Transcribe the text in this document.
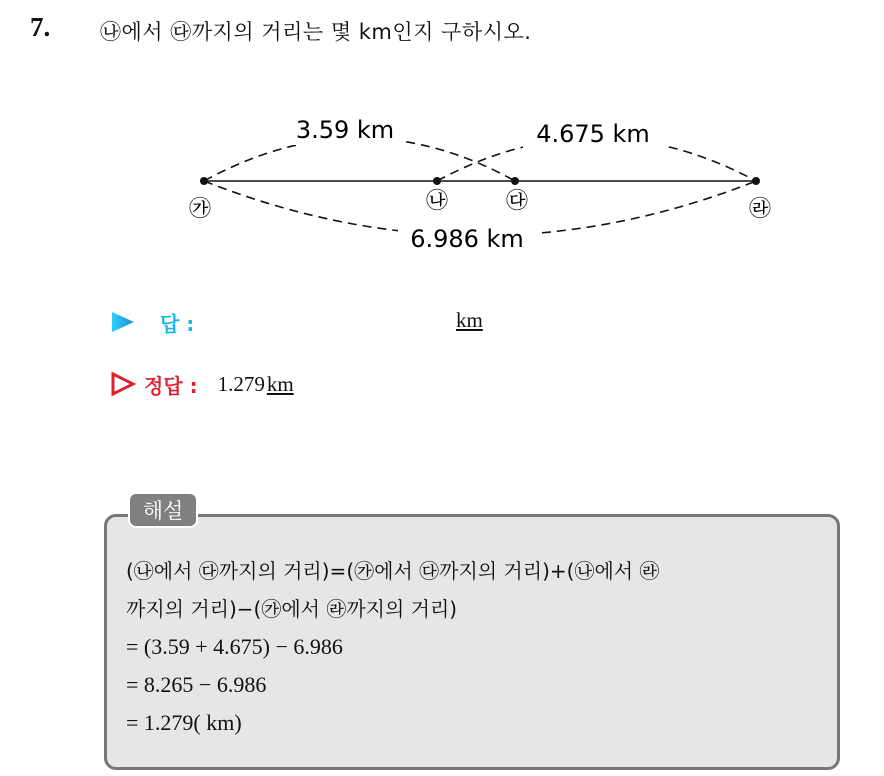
7. ㉯에서 ㉰까지의 거리는 몇 km인지 구하시오.
3.59 km	4.675 km
6.986 km
㉮	㉯	㉰	㉱
답 :	km
정답 : 1.279 km
해설
(㉯에서 ㉰까지의 거리)=(㉮에서 ㉰까지의 거리)+(㉯에서 ㉱
까지의 거리)−(㉮에서 ㉱까지의 거리)
= (3.59 + 4.675) − 6.986
= 8.265 − 6.986
= 1.279( km)
